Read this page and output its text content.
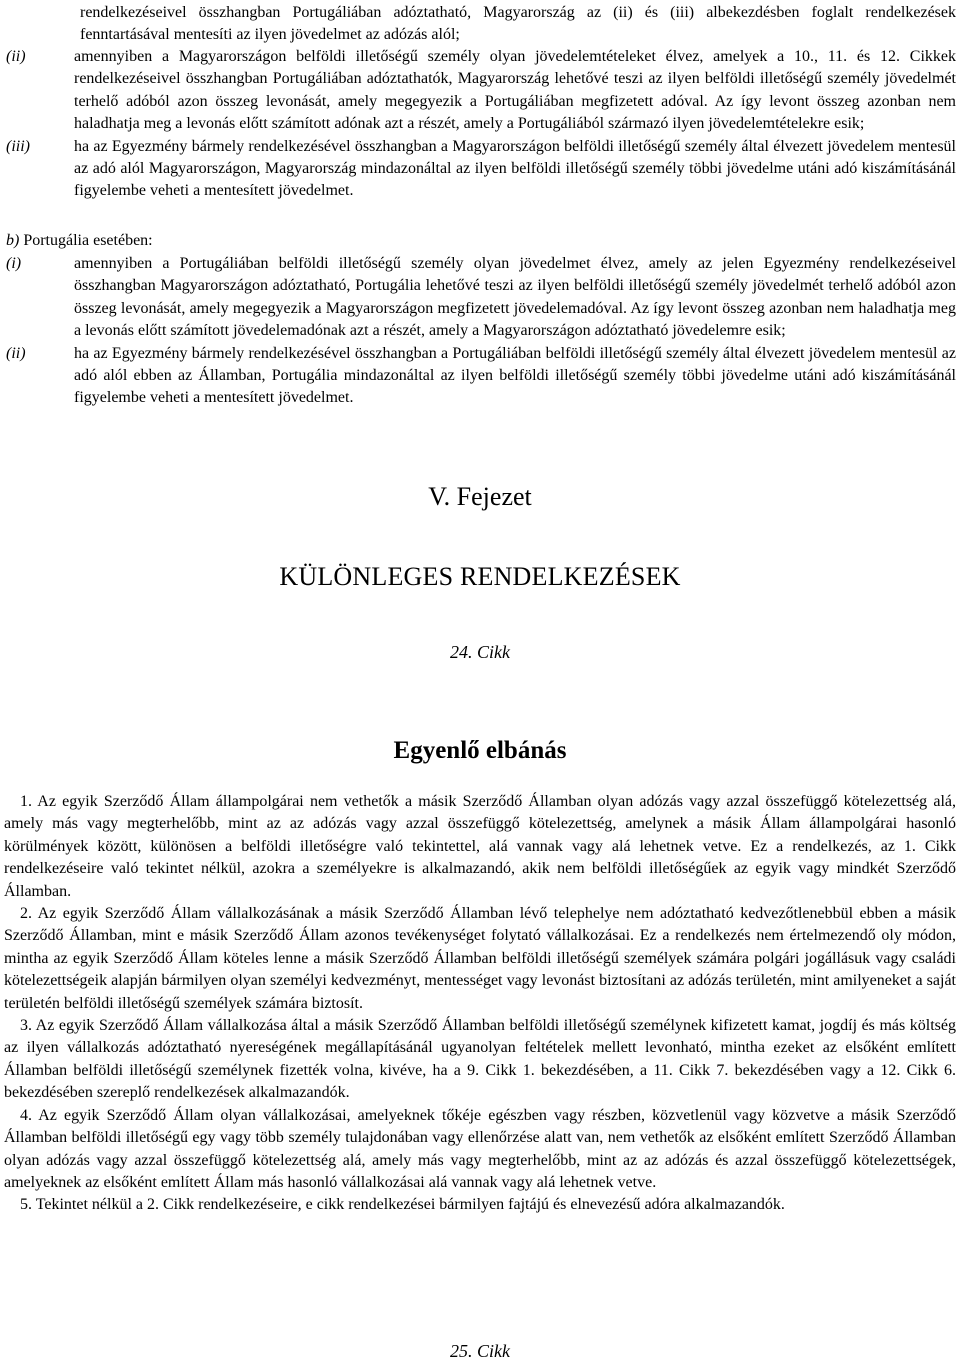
rendelkezéseivel összhangban Portugáliában adóztatható, Magyarország az (ii) és (iii) albekezdésben foglalt rendelkezések fenntartásával mentesíti az ilyen jövedelmet az adózás alól;

(ii)	amennyiben a Magyarországon belföldi illetőségű személy olyan jövedelemtételeket élvez, amelyek a 10., 11. és 12. Cikkek rendelkezéseivel összhangban Portugáliában adóztathatók, Magyarország lehetővé teszi az ilyen belföldi illetőségű személy jövedelmét terhelő adóból azon összeg levonását, amely megegyezik a Portugáliában megfizetett adóval. Az így levont összeg azonban nem haladhatja meg a levonás előtt számított adónak azt a részét, amely a Portugáliából származó ilyen jövedelemtételekre esik;

(iii)	ha az Egyezmény bármely rendelkezésével összhangban a Magyarországon belföldi illetőségű személy által élvezett jövedelem mentesül az adó alól Magyarországon, Magyarország mindazonáltal az ilyen belföldi illetőségű személy többi jövedelme utáni adó kiszámításánál figyelembe veheti a mentesített jövedelmet.

b) Portugália esetében:

(i)	amennyiben a Portugáliában belföldi illetőségű személy olyan jövedelmet élvez, amely az jelen Egyezmény rendelkezéseivel összhangban Magyarországon adóztatható, Portugália lehetővé teszi az ilyen belföldi illetőségű személy jövedelmét terhelő adóból azon összeg levonását, amely megegyezik a Magyarországon megfizetett jövedelemadóval. Az így levont összeg azonban nem haladhatja meg a levonás előtt számított jövedelemadónak azt a részét, amely a Magyarországon adóztatható jövedelemre esik;

(ii)	ha az Egyezmény bármely rendelkezésével összhangban a Portugáliában belföldi illetőségű személy által élvezett jövedelem mentesül az adó alól ebben az Államban, Portugália mindazonáltal az ilyen belföldi illetőségű személy többi jövedelme utáni adó kiszámításánál figyelembe veheti a mentesített jövedelmet.

V. Fejezet
KÜLÖNLEGES RENDELKEZÉSEK
24. Cikk
Egyenlő elbánás

1. Az egyik Szerződő Állam állampolgárai nem vethetők a másik Szerződő Államban olyan adózás vagy azzal összefüggő kötelezettség alá, amely más vagy megterhelőbb, mint az az adózás vagy azzal összefüggő kötelezettség, amelynek a másik Állam állampolgárai hasonló körülmények között, különösen a belföldi illetőségre való tekintettel, alá vannak vagy alá lehetnek vetve. Ez a rendelkezés, az 1. Cikk rendelkezéseire való tekintet nélkül, azokra a személyekre is alkalmazandó, akik nem belföldi illetőségűek az egyik vagy mindkét Szerződő Államban.

2. Az egyik Szerződő Állam vállalkozásának a másik Szerződő Államban lévő telephelye nem adóztatható kedvezőtlenebbül ebben a másik Szerződő Államban, mint e másik Szerződő Állam azonos tevékenységet folytató vállalkozásai. Ez a rendelkezés nem értelmezendő oly módon, mintha az egyik Szerződő Állam köteles lenne a másik Szerződő Államban belföldi illetőségű személyek számára polgári jogállásuk vagy családi kötelezettségeik alapján bármilyen olyan személyi kedvezményt, mentességet vagy levonást biztosítani az adózás területén, mint amilyeneket a saját területén belföldi illetőségű személyek számára biztosít.

3. Az egyik Szerződő Állam vállalkozása által a másik Szerződő Államban belföldi illetőségű személynek kifizetett kamat, jogdíj és más költség az ilyen vállalkozás adóztatható nyereségének megállapításánál ugyanolyan feltételek mellett levonható, mintha ezeket az elsőként említett Államban belföldi illetőségű személynek fizették volna, kivéve, ha a 9. Cikk 1. bekezdésében, a 11. Cikk 7. bekezdésében vagy a 12. Cikk 6. bekezdésében szereplő rendelkezések alkalmazandók.

4. Az egyik Szerződő Állam olyan vállalkozásai, amelyeknek tőkéje egészben vagy részben, közvetlenül vagy közvetve a másik Szerződő Államban belföldi illetőségű egy vagy több személy tulajdonában vagy ellenőrzése alatt van, nem vethetők az elsőként említett Szerződő Államban olyan adózás vagy azzal összefüggő kötelezettség alá, amely más vagy megterhelőbb, mint az az adózás és azzal összefüggő kötelezettségek, amelyeknek az elsőként említett Állam más hasonló vállalkozásai alá vannak vagy alá lehetnek vetve.

5. Tekintet nélkül a 2. Cikk rendelkezéseire, e cikk rendelkezései bármilyen fajtájú és elnevezésű adóra alkalmazandók.

25. Cikk
